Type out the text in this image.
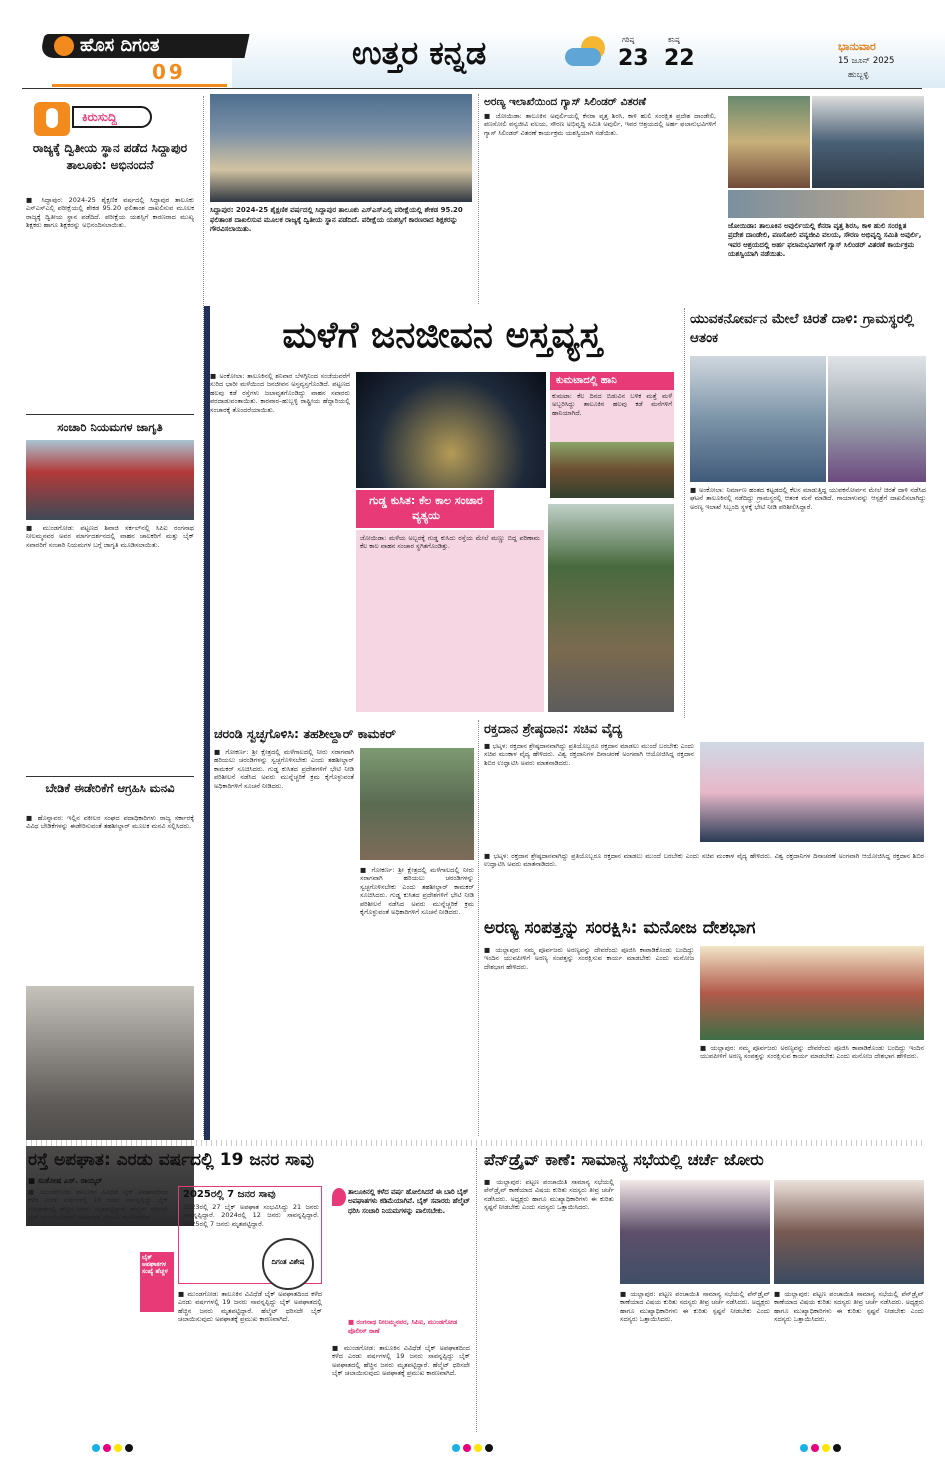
ಹೊಸ ದಿಗಂತ
09	ಉತ್ತರ ಕನ್ನಡ	ಗರಿಷ್ಠ
23
ಕನಿಷ್ಠ
22	ಭಾನುವಾರ
15 ಜೂನ್ 2025
ಹುಬ್ಬಳ್ಳಿ
ಕಿರುಸುದ್ದಿ
ರಾಜ್ಯಕ್ಕೆ ದ್ವಿತೀಯ ಸ್ಥಾನ ಪಡೆದ ಸಿದ್ದಾಪುರ ತಾಲೂಕು: ಅಭಿನಂದನೆ
■ ಸಿದ್ದಾಪುರ: 2024-25 ಶೈಕ್ಷಣಿಕ ವರ್ಷದಲ್ಲಿ ಸಿದ್ದಾಪುರ ತಾಲೂಕು ಎಸ್ಎಸ್ಎಲ್ಸಿ ಪರೀಕ್ಷೆಯಲ್ಲಿ ಶೇಕಡ 95.20 ಫಲಿತಾಂಶ ದಾಖಲಿಸುವ ಮೂಲಕ ರಾಜ್ಯಕ್ಕೆ ದ್ವಿತೀಯ ಸ್ಥಾನ ಪಡೆದಿದೆ. ಪರೀಕ್ಷೆಯ ಯಶಸ್ಸಿಗೆ ಕಾರಣರಾದ ಮುಖ್ಯ ಶಿಕ್ಷಕರು ಹಾಗೂ ಶಿಕ್ಷಕರನ್ನು ಅಭಿನಂದಿಸಲಾಯಿತು.
ಸಂಚಾರಿ ನಿಯಮಗಳ ಜಾಗೃತಿ
■ ಮುಂಡಗೋಡ: ಪಟ್ಟಣದ ಶಿವಾಜಿ ಸರ್ಕಲ್‌ನಲ್ಲಿ ಸಿಪಿಐ ರಂಗನಾಥ ನೀಲಮ್ಮನವರ ಅವರ ಮಾರ್ಗದರ್ಶನದಲ್ಲಿ ವಾಹನ ಚಾಲಕರಿಗೆ ಮತ್ತು ಬೈಕ್ ಸವಾರರಿಗೆ ಸಂಚಾರಿ ನಿಯಮಗಳ ಬಗ್ಗೆ ಜಾಗೃತಿ ಮೂಡಿಸಲಾಯಿತು.
ಬೇಡಿಕೆ ಈಡೇರಿಕೆಗೆ ಆಗ್ರಹಿಸಿ ಮನವಿ
■ ಹೊನ್ನಾವರ: ಇಲ್ಲಿನ ವಕೀಲರ ಸಂಘದ ಪದಾಧಿಕಾರಿಗಳು ರಾಜ್ಯ ಸರ್ಕಾರಕ್ಕೆ ವಿವಿಧ ಬೇಡಿಕೆಗಳನ್ನು ಈಡೇರಿಸುವಂತೆ ತಹಶೀಲ್ದಾರ್ ಮೂಲಕ ಮನವಿ ಸಲ್ಲಿಸಿದರು.
ಸಿದ್ದಾಪುರ: 2024-25 ಶೈಕ್ಷಣಿಕ ವರ್ಷದಲ್ಲಿ ಸಿದ್ದಾಪುರ ತಾಲೂಕು ಎಸ್ಎಸ್ಎಲ್ಸಿ ಪರೀಕ್ಷೆಯಲ್ಲಿ ಶೇಕಡ 95.20 ಫಲಿತಾಂಶ ದಾಖಲಿಸುವ ಮೂಲಕ ರಾಜ್ಯಕ್ಕೆ ದ್ವಿತೀಯ ಸ್ಥಾನ ಪಡೆದಿದೆ. ಪರೀಕ್ಷೆಯ ಯಶಸ್ಸಿಗೆ ಕಾರಣರಾದ ಶಿಕ್ಷಕರನ್ನು ಗೌರವಿಸಲಾಯಿತು.
ಅರಣ್ಯ ಇಲಾಖೆಯಿಂದ ಗ್ಯಾಸ್ ಸಿಲಿಂಡರ್ ವಿತರಣೆ
■ ಜೋಯಿಡಾ: ತಾಲೂಕಿನ ಅವುರ್ಲಿಯಲ್ಲಿ ಕೆನರಾ ವೃತ್ತ ಶಿರಸಿ, ಕಾಳಿ ಹುಲಿ ಸಂರಕ್ಷಿತ ಪ್ರದೇಶ ದಾಂಡೇಲಿ, ಪಣಸೋಲಿ ವನ್ಯಜೀವಿ ವಲಯ, ಸೌರಣ ಅಭಿವೃದ್ಧಿ ಸಮಿತಿ ಅವುರ್ಲಿ, ಇವರ ಆಶ್ರಯದಲ್ಲಿ ಅರ್ಹ ಫಲಾನುಭವಿಗಳಿಗೆ ಗ್ಯಾಸ್ ಸಿಲಿಂಡರ್ ವಿತರಣೆ ಕಾರ್ಯಕ್ರಮ ಯಶಸ್ವಿಯಾಗಿ ನಡೆಯಿತು.
ಜೋಯಿಡಾ: ತಾಲೂಕಿನ ಅವುರ್ಲಿಯಲ್ಲಿ ಕೆನರಾ ವೃತ್ತ ಶಿರಸಿ, ಕಾಳಿ ಹುಲಿ ಸಂರಕ್ಷಿತ ಪ್ರದೇಶ ದಾಂಡೇಲಿ, ಪಣಸೋಲಿ ವನ್ಯಜೀವಿ ವಲಯ, ಸೌರಣ ಅಭಿವೃದ್ಧಿ ಸಮಿತಿ ಅವುರ್ಲಿ, ಇವರ ಆಶ್ರಯದಲ್ಲಿ ಅರ್ಹ ಫಲಾನುಭವಿಗಳಿಗೆ ಗ್ಯಾಸ್ ಸಿಲಿಂಡರ್ ವಿತರಣೆ ಕಾರ್ಯಕ್ರಮ ಯಶಸ್ವಿಯಾಗಿ ನಡೆಯಿತು.
ಮಳೆಗೆ ಜನಜೀವನ ಅಸ್ತವ್ಯಸ್ತ
■ ಅಂಕೋಲಾ: ತಾಲೂಕಿನಲ್ಲಿ ಶನಿವಾರ ಬೆಳಗ್ಗಿನಿಂದ ಸಂಜೆಯವರೆಗೆ ಸುರಿದ ಭಾರೀ ಮಳೆಯಿಂದ ಜನಜೀವನ ಅಸ್ತವ್ಯಸ್ತಗೊಂಡಿದೆ. ಪಟ್ಟಣದ ಹಲವು ಕಡೆ ರಸ್ತೆಗಳು ಜಲಾವೃತಗೊಂಡಿದ್ದು ವಾಹನ ಸವಾರರು ಪರದಾಡುವಂತಾಯಿತು. ಕಾರವಾರ–ಹುಬ್ಬಳ್ಳಿ ರಾಷ್ಟ್ರೀಯ ಹೆದ್ದಾರಿಯಲ್ಲಿ ಸಂಚಾರಕ್ಕೆ ತೊಂದರೆಯಾಯಿತು.
ಕುಮಟಾದಲ್ಲಿ ಹಾನಿ
ಕುಮಟಾ: ಕೆಲ ದಿನದ ಬಿಡುವಿನ ಬಳಿಕ ಮತ್ತೆ ಮಳೆ ಅಬ್ಬರಿಸಿದ್ದು ತಾಲೂಕಿನ ಹಲವು ಕಡೆ ಮನೆಗಳಿಗೆ ಹಾನಿಯಾಗಿದೆ.
ಗುಡ್ಡ ಕುಸಿತ: ಕೆಲ ಕಾಲ ಸಂಚಾರ ವ್ಯತ್ಯಯ
ಜೋಯಿಡಾ: ಮಳೆಯ ಅಬ್ಬರಕ್ಕೆ ಗುಡ್ಡ ಕುಸಿದು ರಸ್ತೆಯ ಮೇಲೆ ಮಣ್ಣು ಬಿದ್ದ ಪರಿಣಾಮ ಕೆಲ ಕಾಲ ವಾಹನ ಸಂಚಾರ ಸ್ಥಗಿತಗೊಂಡಿತ್ತು.
ಯುವಕನೋರ್ವನ ಮೇಲೆ ಚಿರತೆ ದಾಳಿ: ಗ್ರಾಮಸ್ಥರಲ್ಲಿ ಆತಂಕ
■ ಅಂಕೋಲಾ: ನಿರ್ಮಾಣ ಹಂತದ ಕಟ್ಟಡದಲ್ಲಿ ಕೆಲಸ ಮಾಡುತ್ತಿದ್ದ ಯುವಕನೋರ್ವನ ಮೇಲೆ ಚಿರತೆ ದಾಳಿ ನಡೆಸಿದ ಘಟನೆ ತಾಲೂಕಿನಲ್ಲಿ ನಡೆದಿದ್ದು ಗ್ರಾಮಸ್ಥರಲ್ಲಿ ಆತಂಕ ಮನೆ ಮಾಡಿದೆ. ಗಾಯಾಳುವನ್ನು ಆಸ್ಪತ್ರೆಗೆ ದಾಖಲಿಸಲಾಗಿದ್ದು ಅರಣ್ಯ ಇಲಾಖೆ ಸಿಬ್ಬಂದಿ ಸ್ಥಳಕ್ಕೆ ಭೇಟಿ ನೀಡಿ ಪರಿಶೀಲಿಸಿದ್ದಾರೆ.
ಚರಂಡಿ ಸ್ವಚ್ಛಗೊಳಿಸಿ: ತಹಶೀಲ್ದಾರ್ ಕಾಮಕರ್
■ ಗೋಕರ್ಣ: ಶ್ರೀ ಕ್ಷೇತ್ರದಲ್ಲಿ ಮಳೆಗಾಲದಲ್ಲಿ ನೀರು ಸರಾಗವಾಗಿ ಹರಿಯಲು ಚರಂಡಿಗಳನ್ನು ಸ್ವಚ್ಛಗೊಳಿಸಬೇಕು ಎಂದು ತಹಶೀಲ್ದಾರ್ ಕಾಮಕರ್ ಸೂಚಿಸಿದರು. ಗುಡ್ಡ ಕುಸಿತದ ಪ್ರದೇಶಗಳಿಗೆ ಭೇಟಿ ನೀಡಿ ಪರಿಶೀಲನೆ ನಡೆಸಿದ ಅವರು ಮುನ್ನೆಚ್ಚರಿಕೆ ಕ್ರಮ ಕೈಗೊಳ್ಳುವಂತೆ ಅಧಿಕಾರಿಗಳಿಗೆ ಸೂಚನೆ ನೀಡಿದರು.
■ ಗೋಕರ್ಣ: ಶ್ರೀ ಕ್ಷೇತ್ರದಲ್ಲಿ ಮಳೆಗಾಲದಲ್ಲಿ ನೀರು ಸರಾಗವಾಗಿ ಹರಿಯಲು ಚರಂಡಿಗಳನ್ನು ಸ್ವಚ್ಛಗೊಳಿಸಬೇಕು ಎಂದು ತಹಶೀಲ್ದಾರ್ ಕಾಮಕರ್ ಸೂಚಿಸಿದರು. ಗುಡ್ಡ ಕುಸಿತದ ಪ್ರದೇಶಗಳಿಗೆ ಭೇಟಿ ನೀಡಿ ಪರಿಶೀಲನೆ ನಡೆಸಿದ ಅವರು ಮುನ್ನೆಚ್ಚರಿಕೆ ಕ್ರಮ ಕೈಗೊಳ್ಳುವಂತೆ ಅಧಿಕಾರಿಗಳಿಗೆ ಸೂಚನೆ ನೀಡಿದರು.
ರಕ್ತದಾನ ಶ್ರೇಷ್ಠದಾನ: ಸಚಿವ ವೈದ್ಯ
■ ಭಟ್ಕಳ: ರಕ್ತದಾನ ಶ್ರೇಷ್ಠದಾನವಾಗಿದ್ದು ಪ್ರತಿಯೊಬ್ಬರೂ ರಕ್ತದಾನ ಮಾಡಲು ಮುಂದೆ ಬರಬೇಕು ಎಂದು ಸಚಿವ ಮಂಕಾಳ ವೈದ್ಯ ಹೇಳಿದರು. ವಿಶ್ವ ರಕ್ತದಾನಿಗಳ ದಿನಾಚರಣೆ ಅಂಗವಾಗಿ ಆಯೋಜಿಸಿದ್ದ ರಕ್ತದಾನ ಶಿಬಿರ ಉದ್ಘಾಟಿಸಿ ಅವರು ಮಾತನಾಡಿದರು.
■ ಭಟ್ಕಳ: ರಕ್ತದಾನ ಶ್ರೇಷ್ಠದಾನವಾಗಿದ್ದು ಪ್ರತಿಯೊಬ್ಬರೂ ರಕ್ತದಾನ ಮಾಡಲು ಮುಂದೆ ಬರಬೇಕು ಎಂದು ಸಚಿವ ಮಂಕಾಳ ವೈದ್ಯ ಹೇಳಿದರು. ವಿಶ್ವ ರಕ್ತದಾನಿಗಳ ದಿನಾಚರಣೆ ಅಂಗವಾಗಿ ಆಯೋಜಿಸಿದ್ದ ರಕ್ತದಾನ ಶಿಬಿರ ಉದ್ಘಾಟಿಸಿ ಅವರು ಮಾತನಾಡಿದರು.
ಅರಣ್ಯ ಸಂಪತ್ತನ್ನು ಸಂರಕ್ಷಿಸಿ: ಮನೋಜ ದೇಶಭಾಗ
■ ಯಲ್ಲಾಪುರ: ನಮ್ಮ ಪೂರ್ವಜರು ಅರಣ್ಯವನ್ನು ದೇವರೆಂದು ಪೂಜಿಸಿ ಕಾಪಾಡಿಕೊಂಡು ಬಂದಿದ್ದು ಇಂದಿನ ಯುವಪೀಳಿಗೆ ಅರಣ್ಯ ಸಂಪತ್ತನ್ನು ಸಂರಕ್ಷಿಸುವ ಕಾರ್ಯ ಮಾಡಬೇಕು ಎಂದು ಮನೋಜ ದೇಶಭಾಗ ಹೇಳಿದರು.
■ ಯಲ್ಲಾಪುರ: ನಮ್ಮ ಪೂರ್ವಜರು ಅರಣ್ಯವನ್ನು ದೇವರೆಂದು ಪೂಜಿಸಿ ಕಾಪಾಡಿಕೊಂಡು ಬಂದಿದ್ದು ಇಂದಿನ ಯುವಪೀಳಿಗೆ ಅರಣ್ಯ ಸಂಪತ್ತನ್ನು ಸಂರಕ್ಷಿಸುವ ಕಾರ್ಯ ಮಾಡಬೇಕು ಎಂದು ಮನೋಜ ದೇಶಭಾಗ ಹೇಳಿದರು.
ರಸ್ತೆ ಅಪಘಾತ: ಎರಡು ವರ್ಷದಲ್ಲಿ 19 ಜನರ ಸಾವು
■ ಸಂತೋಷ ಎಸ್. ರಾಯ್ಕರ್
■ ಮುಂಡಗೋಡ: ತಾಲೂಕಿನ ವಿವಿಧೆಡೆ ಬೈಕ್ ಅಪಘಾತದಿಂದ ಕಳೆದ ಎರಡು ವರ್ಷಗಳಲ್ಲಿ 19 ಜನರು ಸಾವನ್ನಪ್ಪಿದ್ದು ಬೈಕ್ ಅಪಘಾತದಲ್ಲಿ ಹೆಚ್ಚಿನ ಜನರು ಮೃತಪಟ್ಟಿದ್ದಾರೆ. ಹೆಲ್ಮೆಟ್ ಧರಿಸದೇ ಬೈಕ್ ಚಲಾಯಿಸುವುದು ಅಪಘಾತಕ್ಕೆ ಪ್ರಮುಖ ಕಾರಣವಾಗಿದೆ.
2025ರಲ್ಲಿ 7 ಜನರ ಸಾವು
2023ರಲ್ಲಿ 27 ಬೈಕ್ ಅಪಘಾತ ಸಂಭವಿಸಿದ್ದು 21 ಜನರು ಸಾವನ್ನಪ್ಪಿದ್ದಾರೆ. 2024ರಲ್ಲಿ 12 ಜನರು ಸಾವನ್ನಪ್ಪಿದ್ದಾರೆ. 2025ರಲ್ಲಿ 7 ಜನರು ಮೃತಪಟ್ಟಿದ್ದಾರೆ.
ಬೈಕ್ ಅಪಘಾತಗಳ ಸಂಖ್ಯೆ ಹೆಚ್ಚಳ
■ ಮುಂಡಗೋಡ: ತಾಲೂಕಿನ ವಿವಿಧೆಡೆ ಬೈಕ್ ಅಪಘಾತದಿಂದ ಕಳೆದ ಎರಡು ವರ್ಷಗಳಲ್ಲಿ 19 ಜನರು ಸಾವನ್ನಪ್ಪಿದ್ದು ಬೈಕ್ ಅಪಘಾತದಲ್ಲಿ ಹೆಚ್ಚಿನ ಜನರು ಮೃತಪಟ್ಟಿದ್ದಾರೆ. ಹೆಲ್ಮೆಟ್ ಧರಿಸದೇ ಬೈಕ್ ಚಲಾಯಿಸುವುದು ಅಪಘಾತಕ್ಕೆ ಪ್ರಮುಖ ಕಾರಣವಾಗಿದೆ.
ತಾಲೂಕಿನಲ್ಲಿ ಕಳೆದ ವರ್ಷ ಹೋಲಿಸಿದರೆ ಈ ಬಾರಿ ಬೈಕ್ ಅಪಘಾತಗಳು ಕಡಿಮೆಯಾಗಿವೆ. ಬೈಕ್ ಸವಾರರು ಹೆಲ್ಮೆಟ್ ಧರಿಸಿ ಸಂಚಾರಿ ನಿಯಮಗಳನ್ನು ಪಾಲಿಸಬೇಕು.
■ ರಂಗನಾಥ ನೀಲಮ್ಮನವರ, ಸಿಪಿಐ, ಮುಂಡಗೋಡ ಪೊಲೀಸ್ ಠಾಣೆ
ದಿಗಂತ ವಿಶೇಷ
■ ಮುಂಡಗೋಡ: ತಾಲೂಕಿನ ವಿವಿಧೆಡೆ ಬೈಕ್ ಅಪಘಾತದಿಂದ ಕಳೆದ ಎರಡು ವರ್ಷಗಳಲ್ಲಿ 19 ಜನರು ಸಾವನ್ನಪ್ಪಿದ್ದು ಬೈಕ್ ಅಪಘಾತದಲ್ಲಿ ಹೆಚ್ಚಿನ ಜನರು ಮೃತಪಟ್ಟಿದ್ದಾರೆ. ಹೆಲ್ಮೆಟ್ ಧರಿಸದೇ ಬೈಕ್ ಚಲಾಯಿಸುವುದು ಅಪಘಾತಕ್ಕೆ ಪ್ರಮುಖ ಕಾರಣವಾಗಿದೆ.
ಪೆನ್‌ಡ್ರೈವ್ ಕಾಣೆ: ಸಾಮಾನ್ಯ ಸಭೆಯಲ್ಲಿ ಚರ್ಚೆ ಜೋರು
■ ಯಲ್ಲಾಪುರ: ಪಟ್ಟಣ ಪಂಚಾಯಿತಿ ಸಾಮಾನ್ಯ ಸಭೆಯಲ್ಲಿ ಪೆನ್‌ಡ್ರೈವ್ ಕಾಣೆಯಾದ ವಿಷಯ ಕುರಿತು ಸದಸ್ಯರು ತೀವ್ರ ಚರ್ಚೆ ನಡೆಸಿದರು. ಅಧ್ಯಕ್ಷರು ಹಾಗೂ ಮುಖ್ಯಾಧಿಕಾರಿಗಳು ಈ ಕುರಿತು ಸ್ಪಷ್ಟನೆ ನೀಡಬೇಕು ಎಂದು ಸದಸ್ಯರು ಒತ್ತಾಯಿಸಿದರು.
■ ಯಲ್ಲಾಪುರ: ಪಟ್ಟಣ ಪಂಚಾಯಿತಿ ಸಾಮಾನ್ಯ ಸಭೆಯಲ್ಲಿ ಪೆನ್‌ಡ್ರೈವ್ ಕಾಣೆಯಾದ ವಿಷಯ ಕುರಿತು ಸದಸ್ಯರು ತೀವ್ರ ಚರ್ಚೆ ನಡೆಸಿದರು. ಅಧ್ಯಕ್ಷರು ಹಾಗೂ ಮುಖ್ಯಾಧಿಕಾರಿಗಳು ಈ ಕುರಿತು ಸ್ಪಷ್ಟನೆ ನೀಡಬೇಕು ಎಂದು ಸದಸ್ಯರು ಒತ್ತಾಯಿಸಿದರು.
■ ಯಲ್ಲಾಪುರ: ಪಟ್ಟಣ ಪಂಚಾಯಿತಿ ಸಾಮಾನ್ಯ ಸಭೆಯಲ್ಲಿ ಪೆನ್‌ಡ್ರೈವ್ ಕಾಣೆಯಾದ ವಿಷಯ ಕುರಿತು ಸದಸ್ಯರು ತೀವ್ರ ಚರ್ಚೆ ನಡೆಸಿದರು. ಅಧ್ಯಕ್ಷರು ಹಾಗೂ ಮುಖ್ಯಾಧಿಕಾರಿಗಳು ಈ ಕುರಿತು ಸ್ಪಷ್ಟನೆ ನೀಡಬೇಕು ಎಂದು ಸದಸ್ಯರು ಒತ್ತಾಯಿಸಿದರು.
